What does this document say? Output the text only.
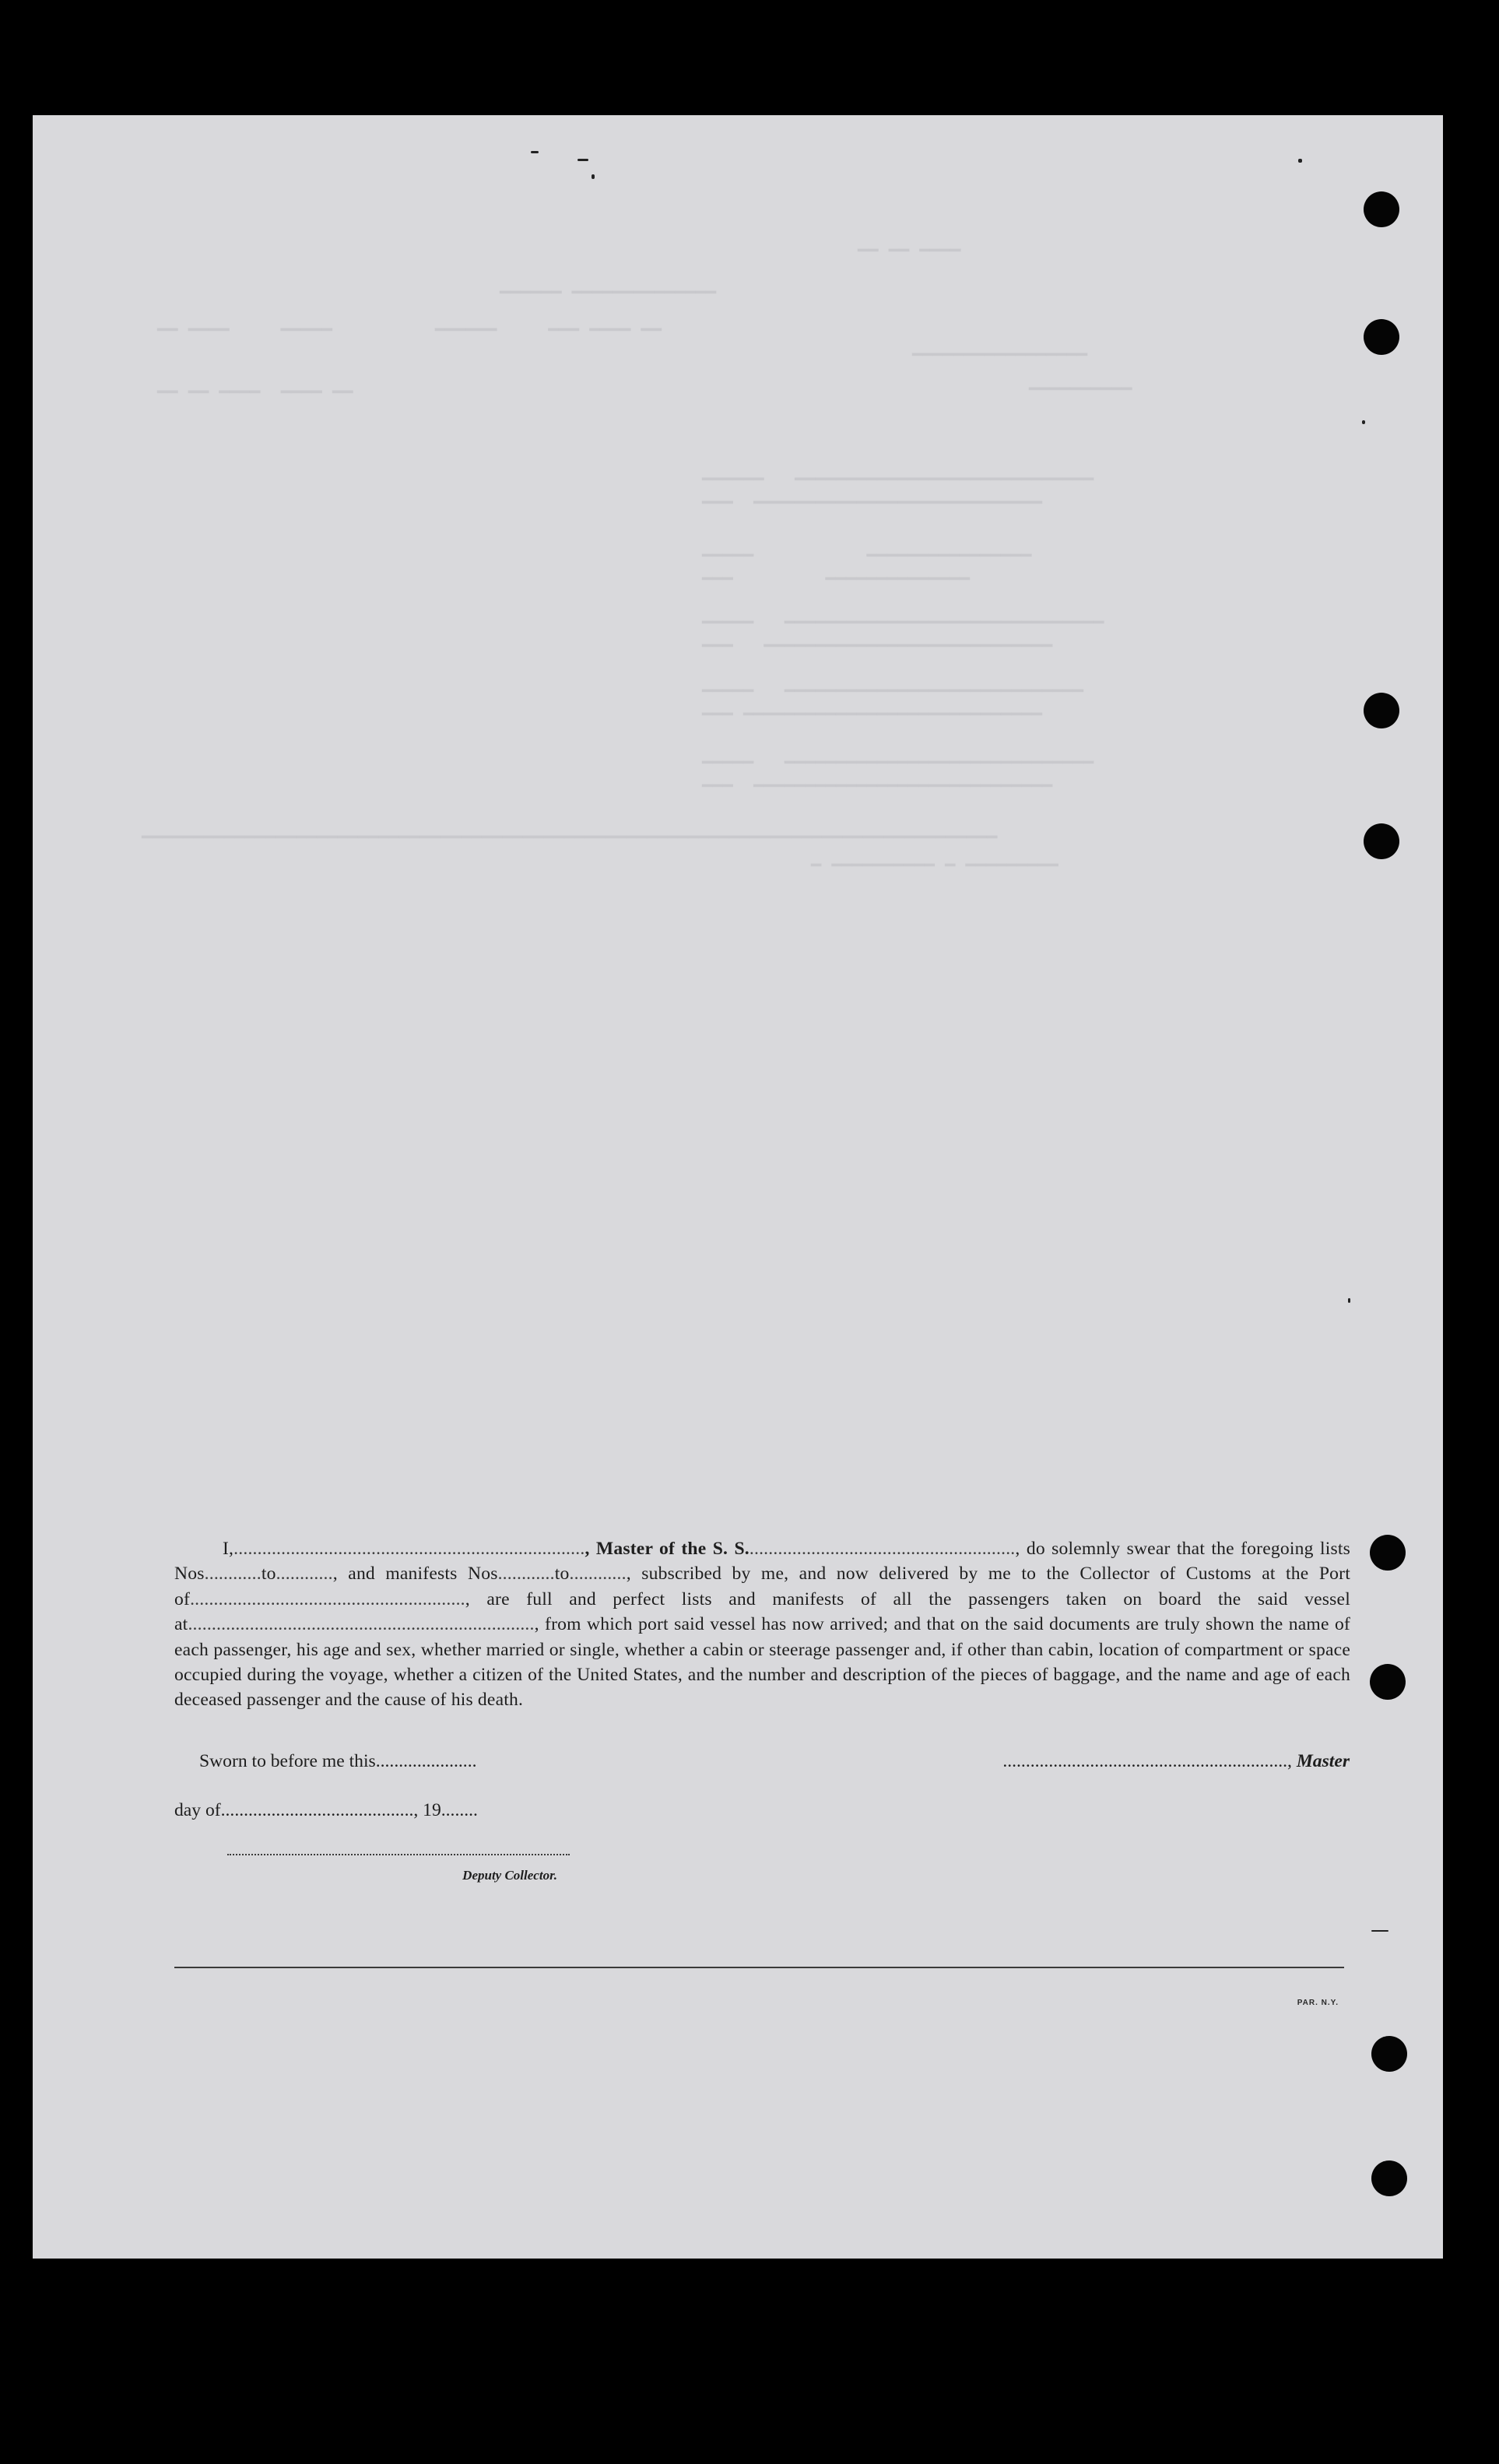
━━ ━━ ━━━━
━━━━━━ ━━━━━━━━━━━━━━
━━ ━━━━     ━━━━━          ━━━━━━     ━━━ ━━━━ ━━
━━━━━━━━━━━━━━━━━
━━━━━━━━━━
━━ ━━ ━━━━  ━━━━ ━━
━━━━━━   ━━━━━━━━━━━━━━━━━━━━━━━━━━━━━
━━━  ━━━━━━━━━━━━━━━━━━━━━━━━━━━━
━━━━━           ━━━━━━━━━━━━━━━━
━━━         ━━━━━━━━━━━━━━
━━━━━   ━━━━━━━━━━━━━━━━━━━━━━━━━━━━━━━
━━━   ━━━━━━━━━━━━━━━━━━━━━━━━━━━━
━━━━━   ━━━━━━━━━━━━━━━━━━━━━━━━━━━━━
━━━ ━━━━━━━━━━━━━━━━━━━━━━━━━━━━━
━━━━━   ━━━━━━━━━━━━━━━━━━━━━━━━━━━━━━
━━━  ━━━━━━━━━━━━━━━━━━━━━━━━━━━━━
━━━━━━━━━━━━━━━━━━━━━━━━━━━━━━━━━━━━━━━━━━━━━━━━━━━━━━━━━━━━━━━━━━━━━━━━━━━━━━━━━━━
━ ━━━━━━━━━━ ━ ━━━━━━━━━
I,.........................................................................., Master of the S. S........................................................., do solemnly swear that the foregoing lists Nos............to............, and manifests Nos............to............, subscribed by me, and now delivered by me to the Collector of Customs at the Port of.........................................................., are full and perfect lists and manifests of all the passengers taken on board the said vessel at........................................................................., from which port said vessel has now arrived; and that on the said documents are truly shown the name of each passenger, his age and sex, whether married or single, whether a cabin or steerage passenger and, if other than cabin, location of compartment or space occupied during the voyage, whether a citizen of the United States, and the number and description of the pieces of baggage, and the name and age of each deceased passenger and the cause of his death.
Sworn to before me this......................	.............................................................., Master
day of.........................................., 19........
Deputy Collector.
PAR. N.Y.
